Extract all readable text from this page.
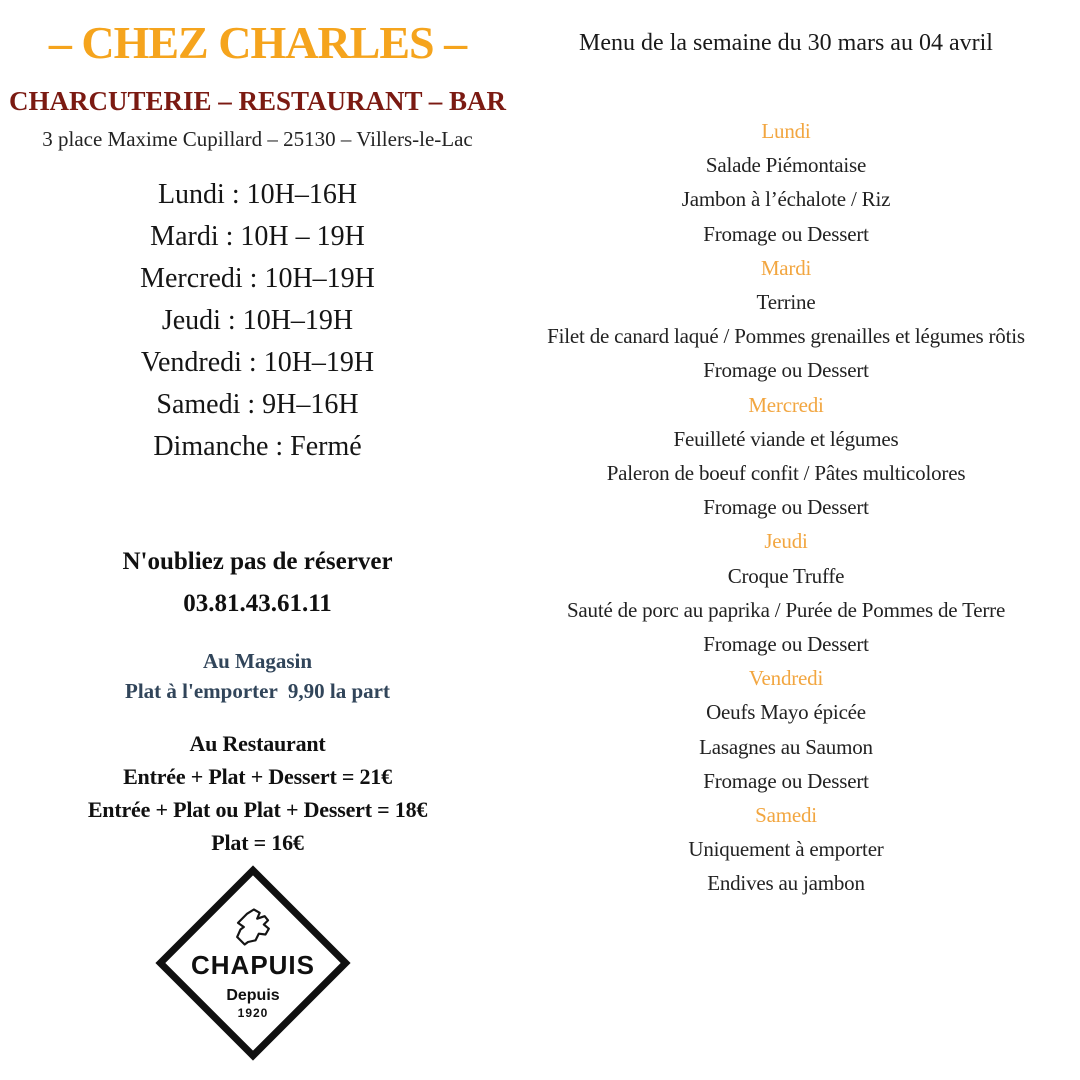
– CHEZ CHARLES –
CHARCUTERIE – RESTAURANT – BAR
3 place Maxime Cupillard – 25130 – Villers-le-Lac
Lundi : 10H–16H
Mardi : 10H – 19H
Mercredi : 10H–19H
Jeudi : 10H–19H
Vendredi : 10H–19H
Samedi : 9H–16H
Dimanche : Fermé
N'oubliez pas de réserver
03.81.43.61.11
Au Magasin
Plat à l'emporter  9,90 la part
Au Restaurant
Entrée + Plat + Dessert = 21€
Entrée + Plat ou Plat + Dessert = 18€
Plat = 16€
CHAPUIS
Depuis
1920
Menu de la semaine du 30 mars au 04 avril
Lundi
Salade Piémontaise
Jambon à l’échalote / Riz
Fromage ou Dessert
Mardi
Terrine
Filet de canard laqué / Pommes grenailles et légumes rôtis
Fromage ou Dessert
Mercredi
Feuilleté viande et légumes
Paleron de boeuf confit / Pâtes multicolores
Fromage ou Dessert
Jeudi
Croque Truffe
Sauté de porc au paprika / Purée de Pommes de Terre
Fromage ou Dessert
Vendredi
Oeufs Mayo épicée
Lasagnes au Saumon
Fromage ou Dessert
Samedi
Uniquement à emporter
Endives au jambon
